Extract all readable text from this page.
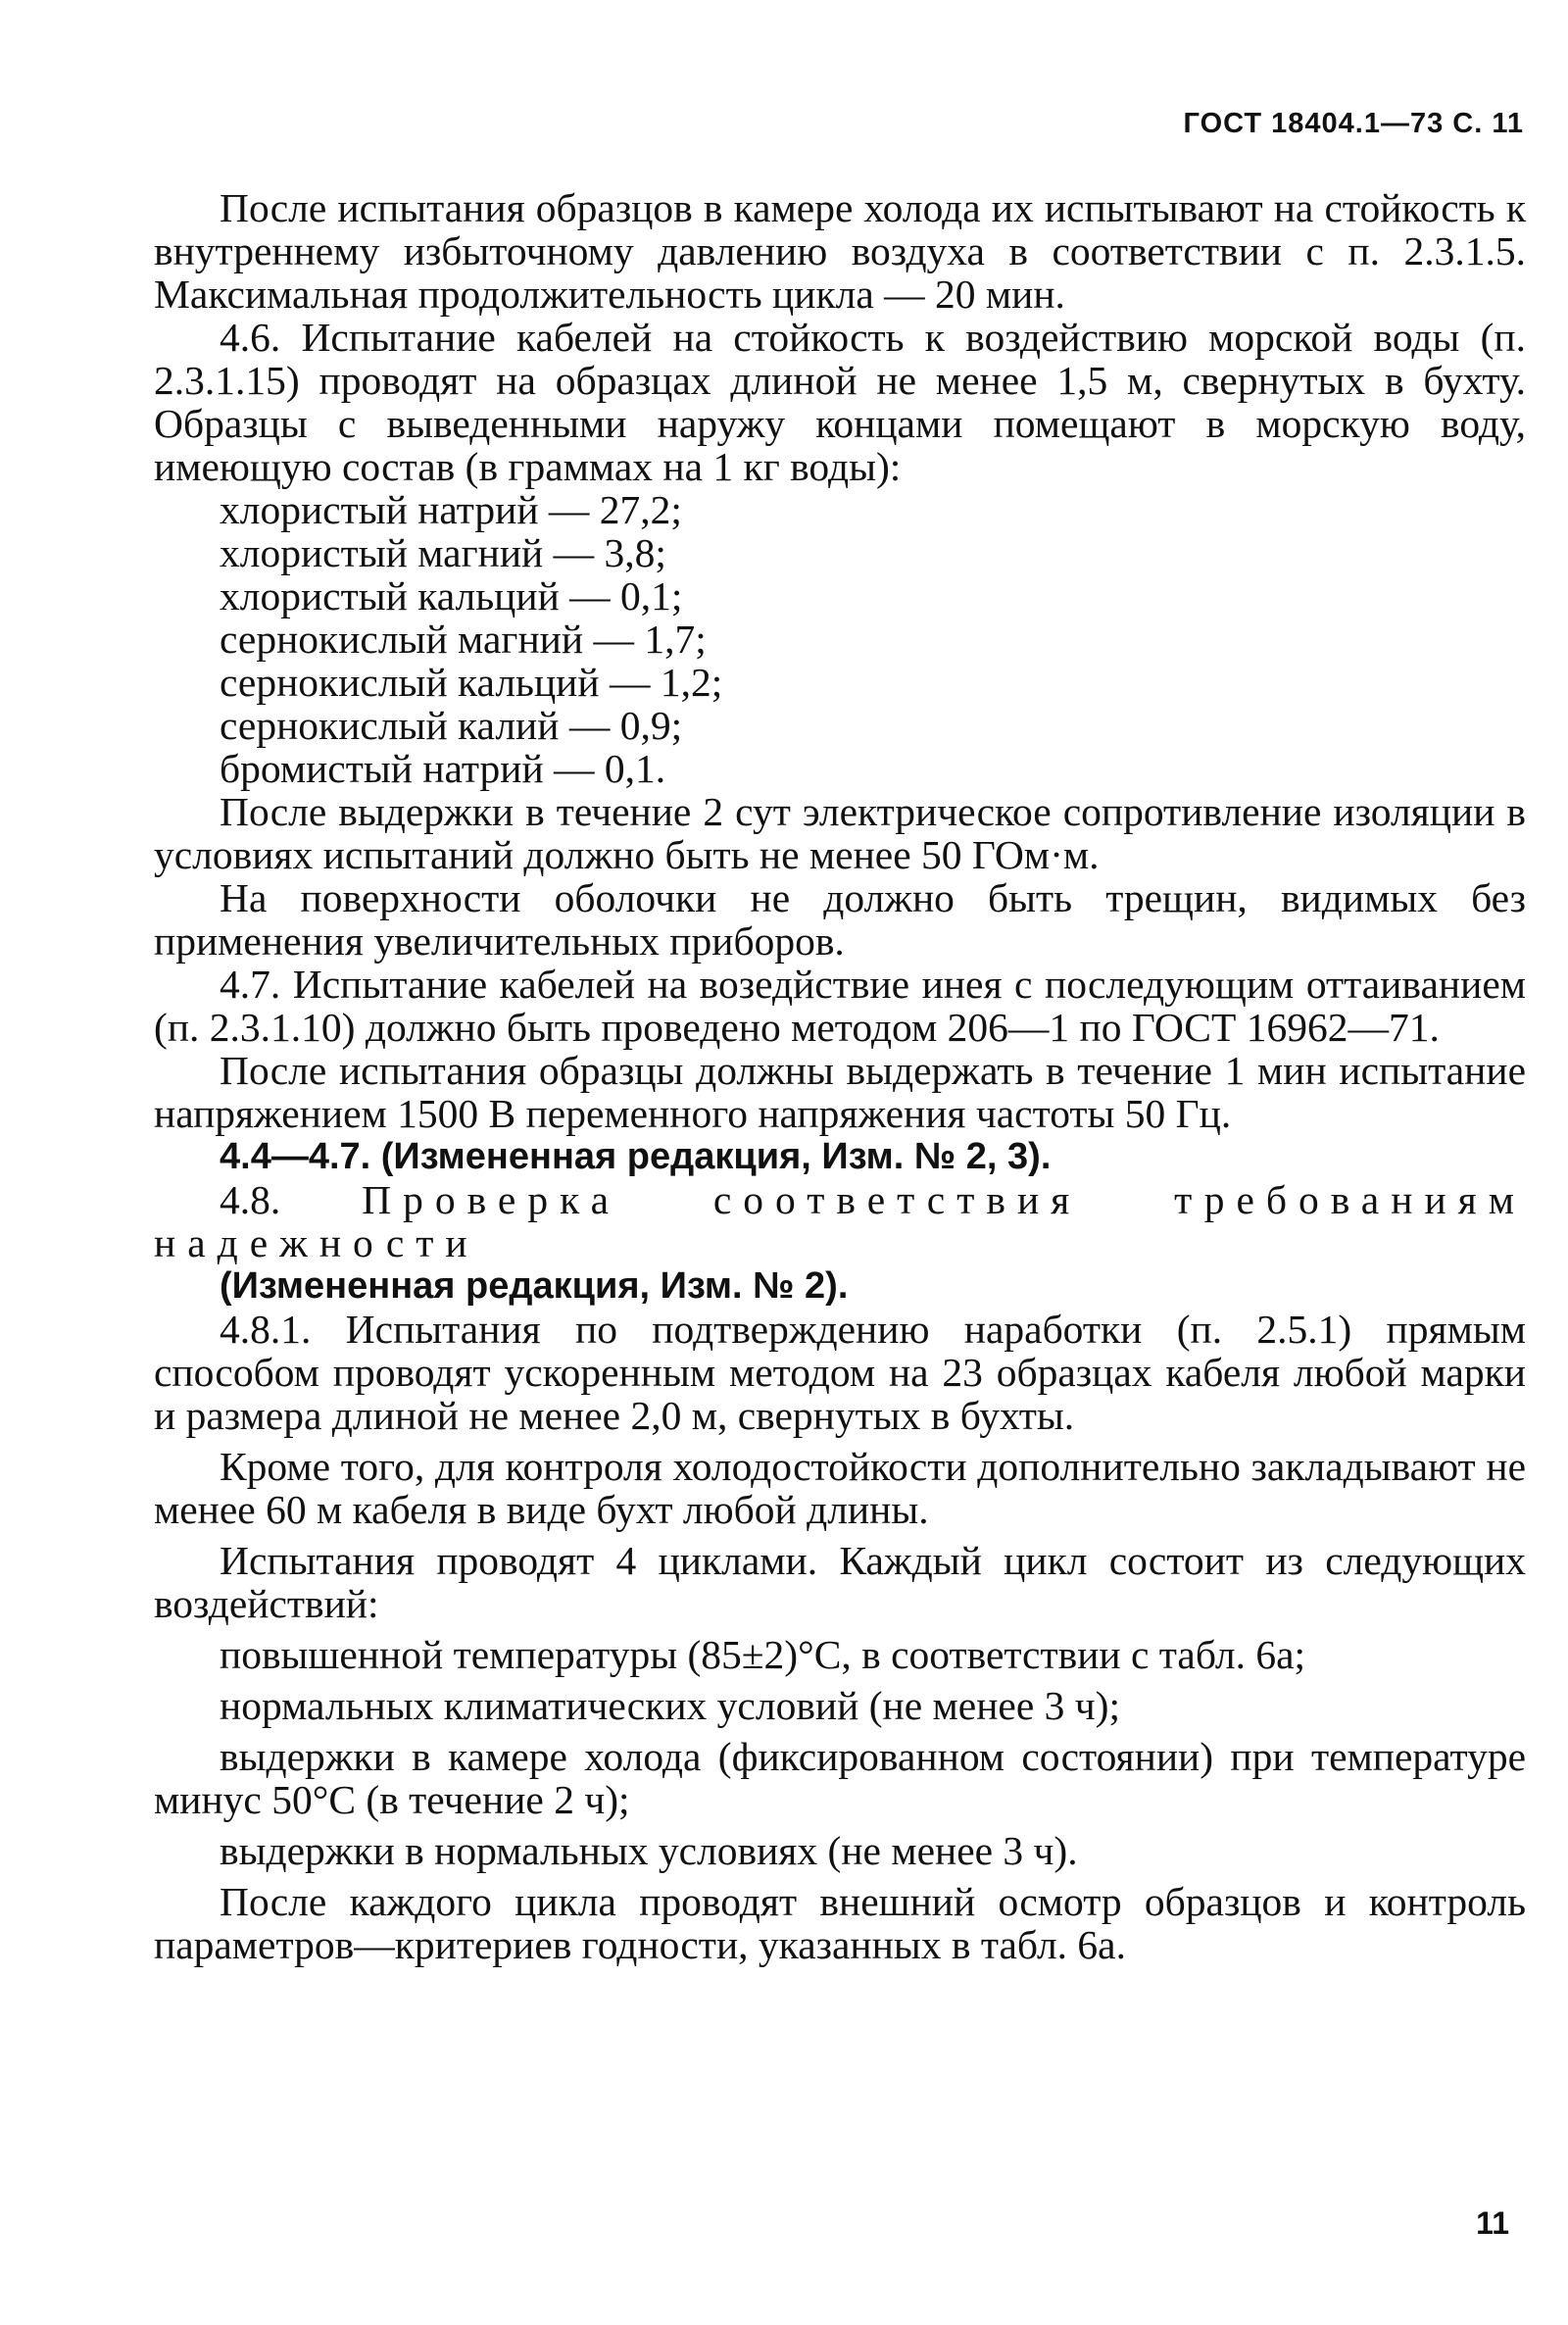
ГОСТ 18404.1—73 С. 11

После испытания образцов в камере холода их испытывают на стойкость к внутреннему избыточному давлению воздуха в соответствии с п. 2.3.1.5. Максимальная продолжительность цикла — 20 мин.

4.6. Испытание кабелей на стойкость к воздействию морской воды (п. 2.3.1.15) проводят на образцах длиной не менее 1,5 м, свернутых в бухту. Образцы с выведенными наружу концами помещают в морскую воду, имеющую состав (в граммах на 1 кг воды):

хлористый натрий — 27,2;
хлористый магний — 3,8;
хлористый кальций — 0,1;
сернокислый магний — 1,7;
сернокислый кальций — 1,2;
сернокислый калий — 0,9;
бромистый натрий — 0,1.

После выдержки в течение 2 сут электрическое сопротивление изоляции в условиях испытаний должно быть не менее 50 ГОм·м.

На поверхности оболочки не должно быть трещин, видимых без применения увеличительных приборов.

4.7. Испытание кабелей на возедйствие инея с последующим оттаиванием (п. 2.3.1.10) должно быть проведено методом 206—1 по ГОСТ 16962—71.

После испытания образцы должны выдержать в течение 1 мин испытание напряжением 1500 В переменного напряжения частоты 50 Гц.

4.4—4.7. (Измененная редакция, Изм. № 2, 3).

4.8. Проверка соответствия требованиям надежности

(Измененная редакция, Изм. № 2).

4.8.1. Испытания по подтверждению наработки (п. 2.5.1) прямым способом проводят ускоренным методом на 23 образцах кабеля любой марки и размера длиной не менее 2,0 м, свернутых в бухты.

Кроме того, для контроля холодостойкости дополнительно закладывают не менее 60 м кабеля в виде бухт любой длины.

Испытания проводят 4 циклами. Каждый цикл состоит из следующих воздействий:

повышенной температуры (85±2)°С, в соответствии с табл. 6а;

нормальных климатических условий (не менее 3 ч);

выдержки в камере холода (фиксированном состоянии) при температуре минус 50°С (в течение 2 ч);

выдержки в нормальных условиях (не менее 3 ч).

После каждого цикла проводят внешний осмотр образцов и контроль параметров—критериев годности, указанных в табл. 6а.

11
